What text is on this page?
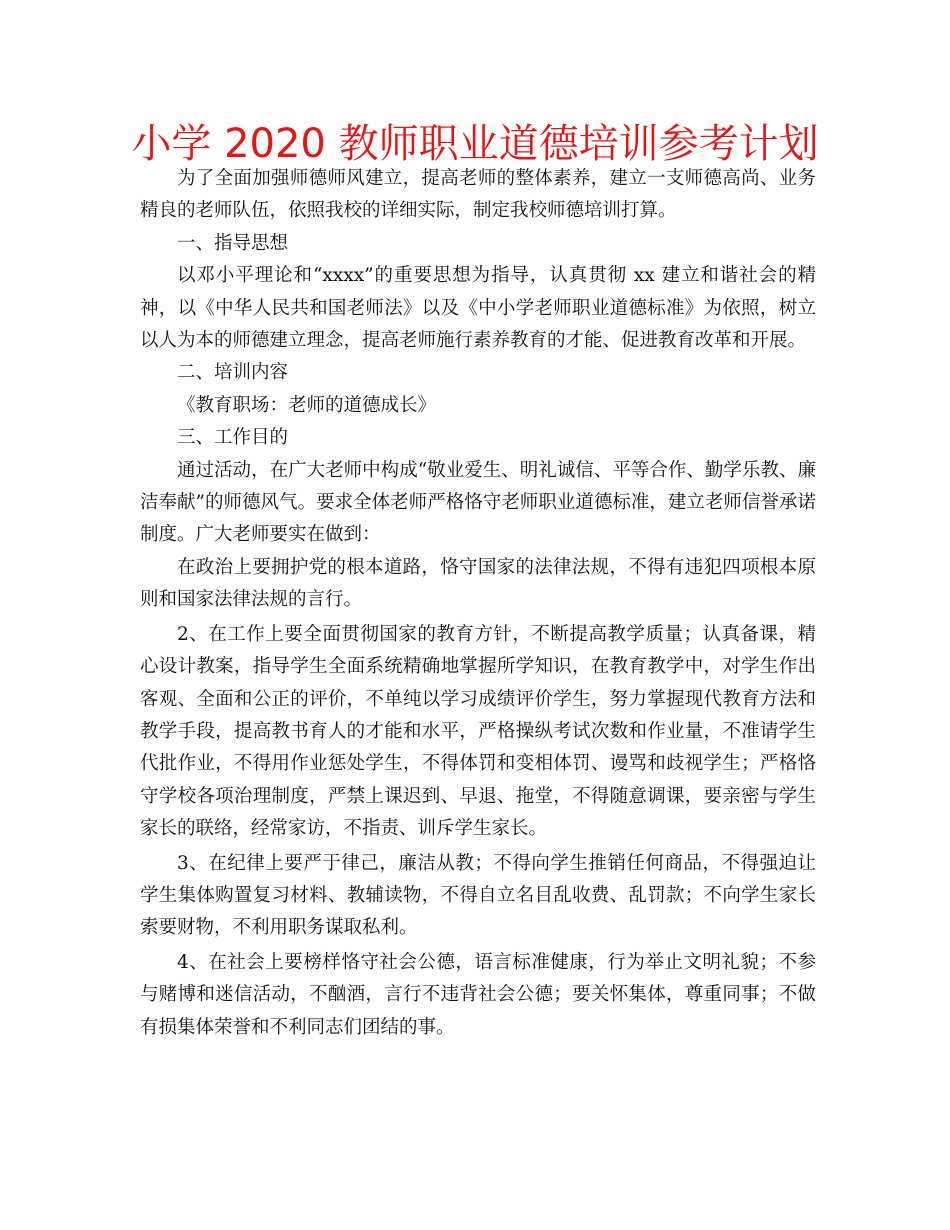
小学 2020 教师职业道德培训参考计划

为了全面加强师德师风建立，提高老师的整体素养，建立一支师德高尚、业务精良的老师队伍，依照我校的详细实际，制定我校师德培训打算。

一、指导思想

以邓小平理论和“xxxx”的重要思想为指导，认真贯彻 xx 建立和谐社会的精神，以《中华人民共和国老师法》以及《中小学老师职业道德标准》为依照，树立以人为本的师德建立理念，提高老师施行素养教育的才能、促进教育改革和开展。

二、培训内容

《教育职场：老师的道德成长》

三、工作目的

通过活动，在广大老师中构成“敬业爱生、明礼诚信、平等合作、勤学乐教、廉洁奉献”的师德风气。要求全体老师严格恪守老师职业道德标准，建立老师信誉承诺制度。广大老师要实在做到：

在政治上要拥护党的根本道路，恪守国家的法律法规，不得有违犯四项根本原则和国家法律法规的言行。

2、在工作上要全面贯彻国家的教育方针，不断提高教学质量；认真备课，精心设计教案，指导学生全面系统精确地掌握所学知识，在教育教学中，对学生作出客观、全面和公正的评价，不单纯以学习成绩评价学生，努力掌握现代教育方法和教学手段，提高教书育人的才能和水平，严格操纵考试次数和作业量，不准请学生代批作业，不得用作业惩处学生，不得体罚和变相体罚、谩骂和歧视学生；严格恪守学校各项治理制度，严禁上课迟到、早退、拖堂，不得随意调课，要亲密与学生家长的联络，经常家访，不指责、训斥学生家长。

3、在纪律上要严于律己，廉洁从教；不得向学生推销任何商品，不得强迫让学生集体购置复习材料、教辅读物，不得自立名目乱收费、乱罚款；不向学生家长索要财物，不利用职务谋取私利。

4、在社会上要榜样恪守社会公德，语言标准健康，行为举止文明礼貌；不参与赌博和迷信活动，不酗酒，言行不违背社会公德；要关怀集体，尊重同事；不做有损集体荣誉和不利同志们团结的事。
